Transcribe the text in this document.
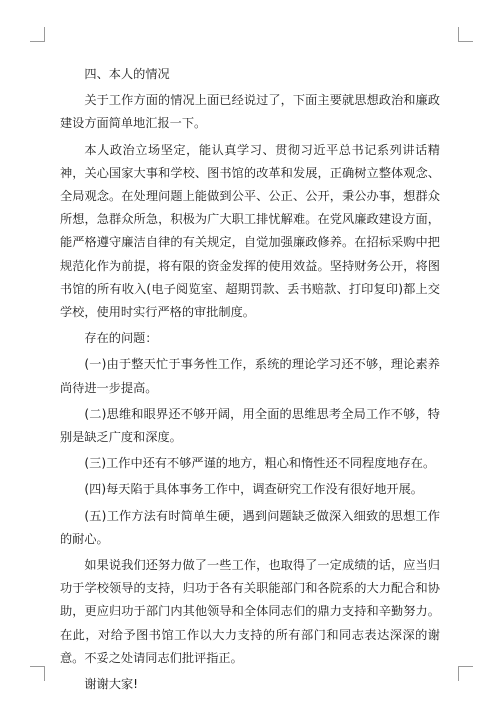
四、本人的情况

关于工作方面的情况上面已经说过了，下面主要就思想政治和廉政建设方面简单地汇报一下。

本人政治立场坚定，能认真学习、贯彻习近平总书记系列讲话精神，关心国家大事和学校、图书馆的改革和发展，正确树立整体观念、全局观念。在处理问题上能做到公平、公正、公开，秉公办事，想群众所想，急群众所急，积极为广大职工排忧解难。在党风廉政建设方面，能严格遵守廉洁自律的有关规定，自觉加强廉政修养。在招标采购中把规范化作为前提，将有限的资金发挥的使用效益。坚持财务公开，将图书馆的所有收入(电子阅览室、超期罚款、丢书赔款、打印复印)都上交学校，使用时实行严格的审批制度。

存在的问题：

(一)由于整天忙于事务性工作，系统的理论学习还不够，理论素养尚待进一步提高。

(二)思维和眼界还不够开阔，用全面的思维思考全局工作不够，特别是缺乏广度和深度。

(三)工作中还有不够严谨的地方，粗心和惰性还不同程度地存在。

(四)每天陷于具体事务工作中，调查研究工作没有很好地开展。

(五)工作方法有时简单生硬，遇到问题缺乏做深入细致的思想工作的耐心。

如果说我们还努力做了一些工作，也取得了一定成绩的话，应当归功于学校领导的支持，归功于各有关职能部门和各院系的大力配合和协助，更应归功于部门内其他领导和全体同志们的鼎力支持和辛勤努力。在此，对给予图书馆工作以大力支持的所有部门和同志表达深深的谢意。不妥之处请同志们批评指正。

谢谢大家!
